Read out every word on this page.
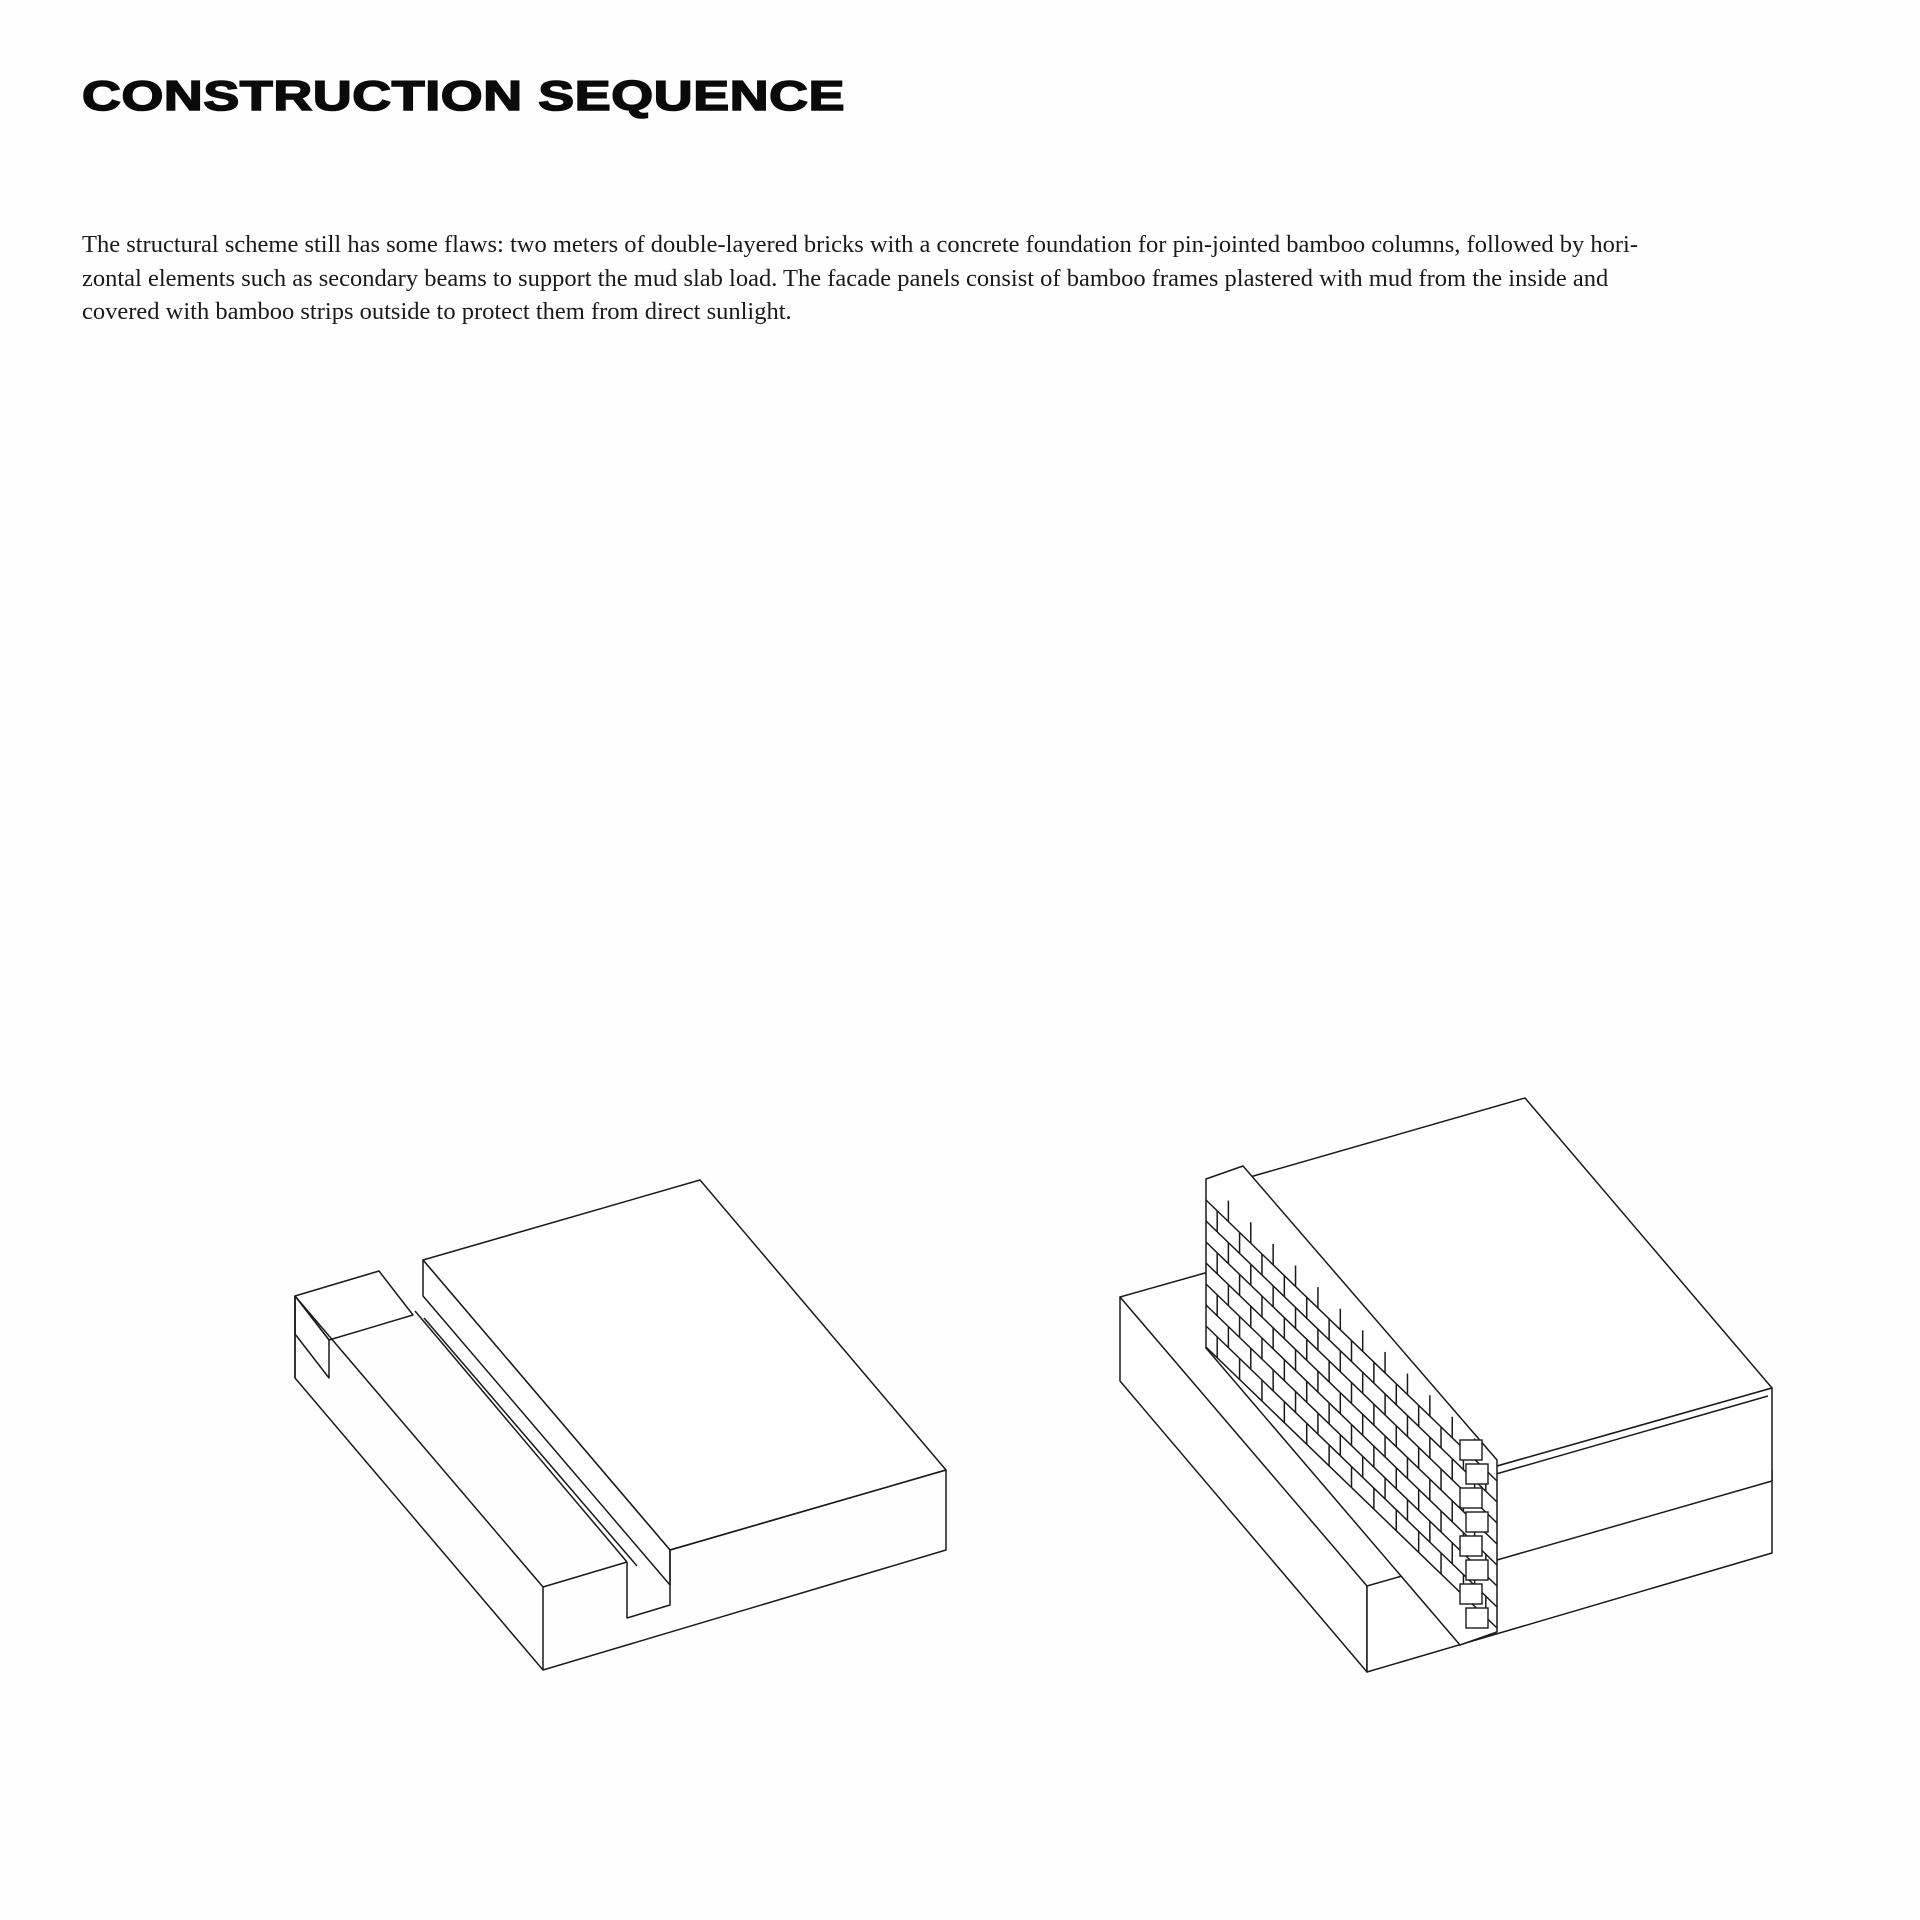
CONSTRUCTION SEQUENCE

The structural scheme still has some flaws: two meters of double-layered bricks with a concrete foundation for pin-jointed bamboo columns, followed by hori-
zontal elements such as secondary beams to support the mud slab load. The facade panels consist of bamboo frames plastered with mud from the inside and
covered with bamboo strips outside to protect them from direct sunlight.
